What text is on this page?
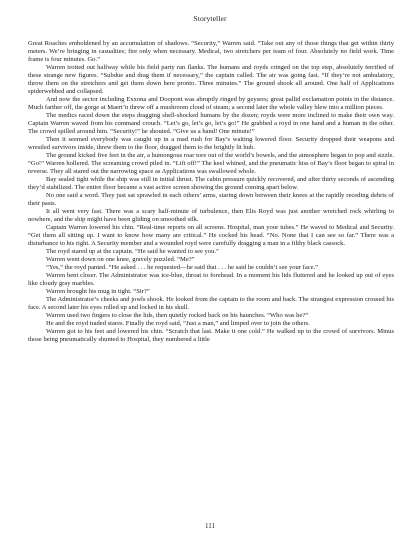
Storyteller

Great Roaches emboldened by an accumulation of shadows. “Security,” Warren said. “Take out any of those things that get within thirty meters. We’re bringing in casualties; fire only when necessary. Medical, two stretchers per team of four. Absolutely no field work. Time frame is four minutes. Go.”

Warren trotted out halfway while his field party ran flanks. The humans and royds cringed on the top step, absolutely terrified of these strange new figures. “Subdue and drag them if necessary,” the captain called. The air was going fast. “If they’re not ambulatory, throw them on the stretchers and get them down here pronto. Three minutes.” The ground shook all around. One half of Applications spiderwebbed and collapsed.

And now the sector including Exxona and Doopont was abruptly ringed by geysers; great pallid exclamation points in the distance. Much farther off, the gorge at Maert’n threw off a mushroom cloud of steam; a second later the whole valley blew into a million pieces.

The medics raced down the steps dragging shell-shocked humans by the dozen; royds were more inclined to make their own way. Captain Warren waved from his command crouch. “Let’s go, let’s go, let’s go!” He grabbed a royd in one hand and a human in the other. The crowd spilled around him. “Security!” he shouted. “Give us a hand! One minute!”

Then it seemed everybody was caught up in a mad rush for Bay’s waiting lowered floor. Security dropped their weapons and wrestled survivors inside, threw them to the floor, dragged them to the brightly lit hub.

The ground kicked five feet in the air, a humongous roar tore out of the world’s bowels, and the atmosphere began to pop and sizzle. “Go!” Warren hollered. The screaming crowd piled in. “Lift off!” The keel whined, and the pneumatic hiss of Bay’s floor began to spiral in reverse. They all stared out the narrowing space as Applications was swallowed whole.

Bay sealed tight while the ship was still in initial thrust. The cabin pressure quickly recovered, and after thirty seconds of ascending they’d stabilized. The entire floor became a vast active screen showing the ground coming apart below.

No one said a word. They just sat sprawled in each others’ arms, staring down between their knees at the rapidly receding debris of their pasts.

It all went very fast. There was a scary half-minute of turbulence, then Elis Royd was just another wretched rock whirling to nowhere, and the ship might have been gliding on smoothed silk.

Captain Warren lowered his chin. “Real-time reports on all screens. Hospital, man your tubes.” He waved to Medical and Security. “Get them all sitting up. I want to know how many are critical.” He cocked his head. “No. None that I can see so far.” There was a disturbance to his right. A Security member and a wounded royd were carefully dragging a man in a filthy black cassock.

The royd stared up at the captain. “He said he wanted to see you.”

Warren went down on one knee, gravely puzzled. “Me?”

“Yes,” the royd panted. “He asked . . . he requested—he said that . . . he said he couldn’t see your face.”

Warren bent closer. The Administrator was ice-blue, throat to forehead. In a moment his lids fluttered and he looked up out of eyes like cloudy gray marbles.

Warren brought his mug in tight. “Sir?”

The Administrator’s cheeks and jowls shook. He looked from the captain to the room and back. The strangest expression crossed his face. A second later his eyes rolled up and locked in his skull.

Warren used two fingers to close the lids, then quietly rocked back on his haunches. “Who was he?”

He and the royd traded stares. Finally the royd said, “Just a man,” and limped over to join the others.

Warren got to his feet and lowered his chin. “Scratch that last. Make it one cold.” He walked up to the crowd of survivors. Minus those being pneumatically shunted to Hospital, they numbered a little

111
